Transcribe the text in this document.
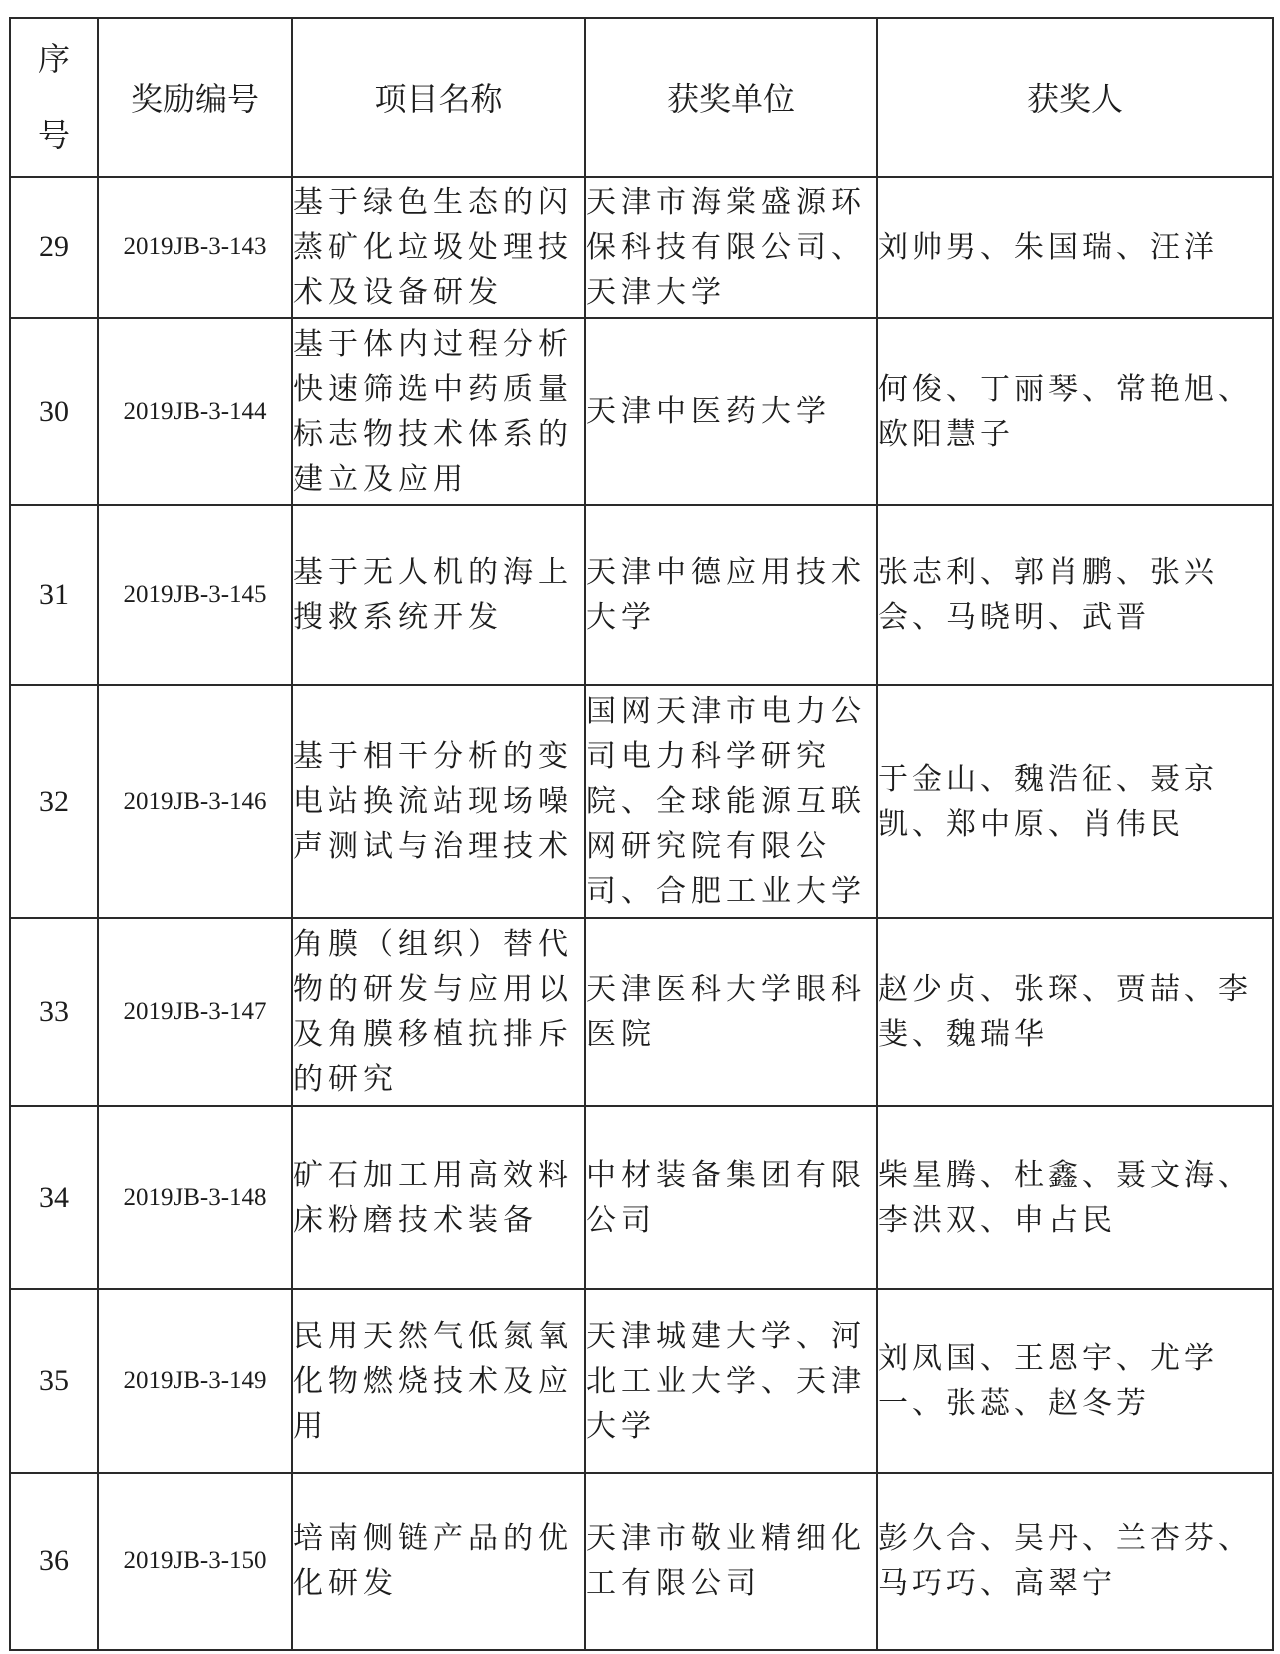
序
号	奖励编号	项目名称	获奖单位	获奖人
29	2019JB-3-143	基于绿色生态的闪蒸矿化垃圾处理技术及设备研发	天津市海棠盛源环保科技有限公司、天津大学	刘帅男、朱国瑞、汪洋
30	2019JB-3-144	基于体内过程分析快速筛选中药质量标志物技术体系的建立及应用	天津中医药大学	何俊、丁丽琴、常艳旭、欧阳慧子
31	2019JB-3-145	基于无人机的海上搜救系统开发	天津中德应用技术大学	张志利、郭肖鹏、张兴会、马晓明、武晋
32	2019JB-3-146	基于相干分析的变电站换流站现场噪声测试与治理技术	国网天津市电力公司电力科学研究院、全球能源互联网研究院有限公司、合肥工业大学	于金山、魏浩征、聂京凯、郑中原、肖伟民
33	2019JB-3-147	角膜（组织）替代物的研发与应用以及角膜移植抗排斥的研究	天津医科大学眼科医院	赵少贞、张琛、贾喆、李斐、魏瑞华
34	2019JB-3-148	矿石加工用高效料床粉磨技术装备	中材装备集团有限公司	柴星腾、杜鑫、聂文海、李洪双、申占民
35	2019JB-3-149	民用天然气低氮氧化物燃烧技术及应用	天津城建大学、河北工业大学、天津大学	刘凤国、王恩宇、尤学一、张蕊、赵冬芳
36	2019JB-3-150	培南侧链产品的优化研发	天津市敬业精细化工有限公司	彭久合、吴丹、兰杏芬、马巧巧、高翠宁
